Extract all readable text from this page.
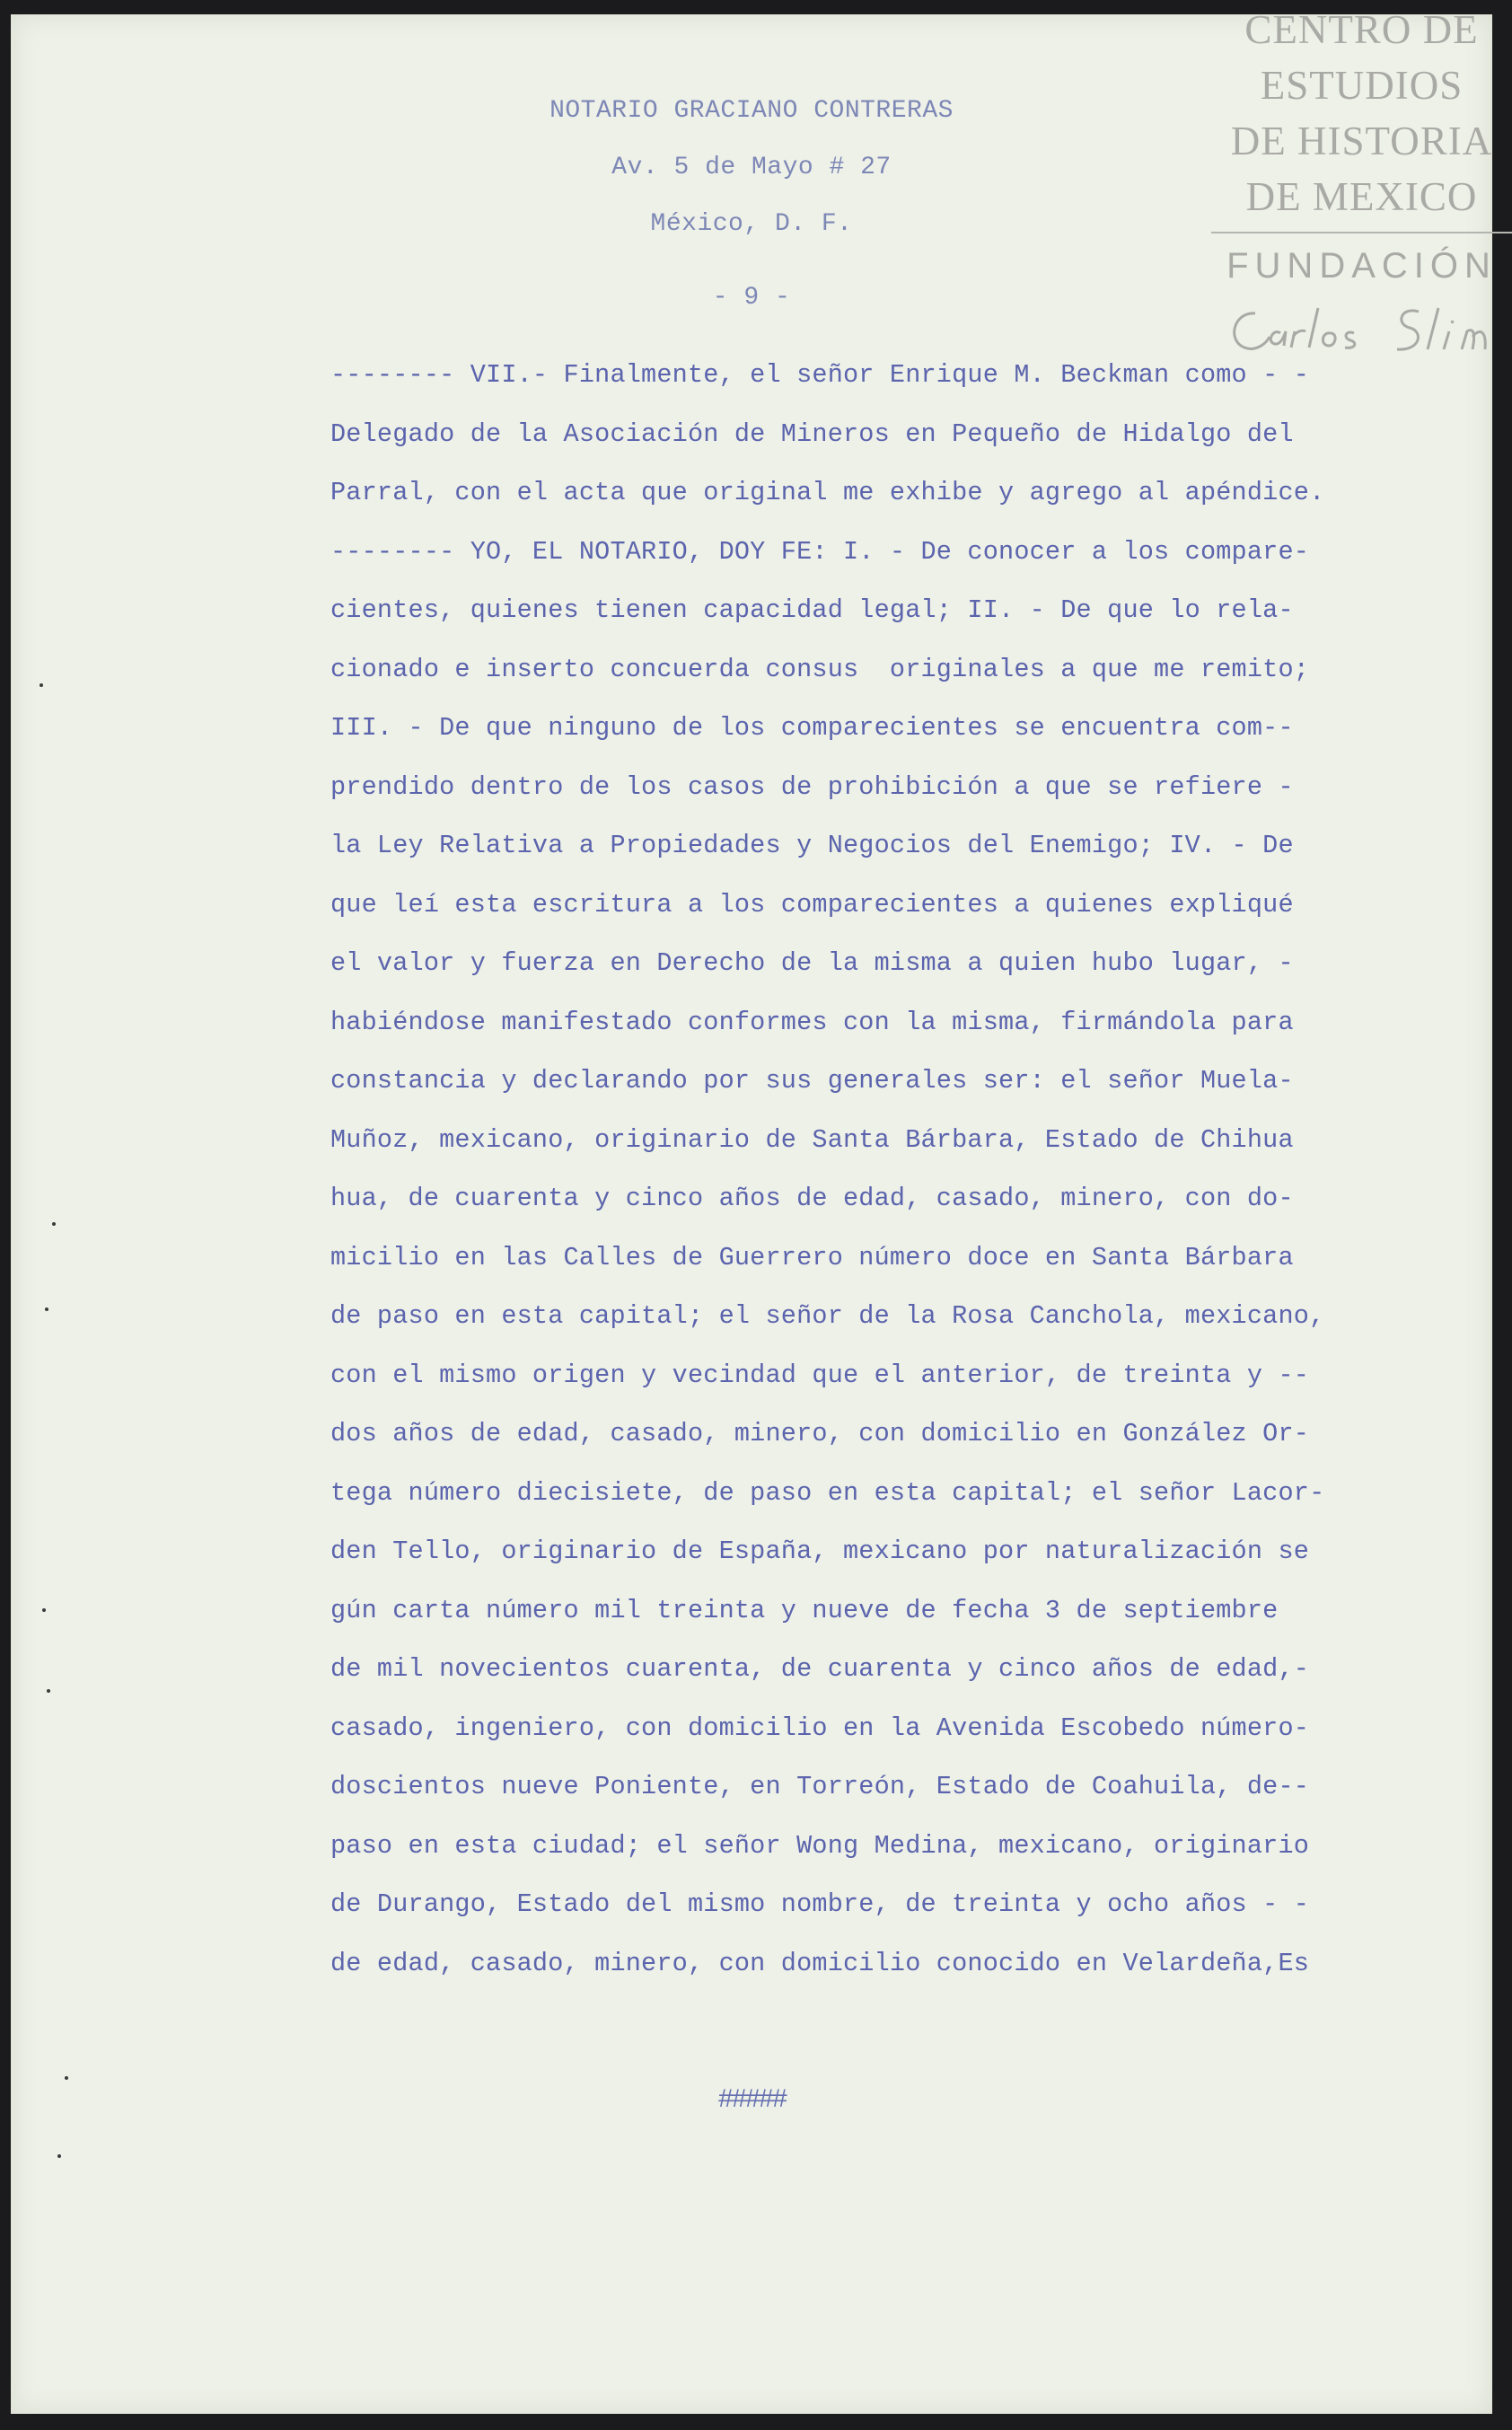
NOTARIO GRACIANO CONTRERAS
Av. 5 de Mayo # 27
México, D. F.
- 9 -
-------- VII.- Finalmente, el señor Enrique M. Beckman como - -
Delegado de la Asociación de Mineros en Pequeño de Hidalgo del
Parral, con el acta que original me exhibe y agrego al apéndice.
-------- YO, EL NOTARIO, DOY FE: I. - De conocer a los compare-
cientes, quienes tienen capacidad legal; II. - De que lo rela-
cionado e inserto concuerda consus  originales a que me remito;
III. - De que ninguno de los comparecientes se encuentra com--
prendido dentro de los casos de prohibición a que se refiere -
la Ley Relativa a Propiedades y Negocios del Enemigo; IV. - De
que leí esta escritura a los comparecientes a quienes expliqué
el valor y fuerza en Derecho de la misma a quien hubo lugar, -
habiéndose manifestado conformes con la misma, firmándola para
constancia y declarando por sus generales ser: el señor Muela-
Muñoz, mexicano, originario de Santa Bárbara, Estado de Chihua
hua, de cuarenta y cinco años de edad, casado, minero, con do-
micilio en las Calles de Guerrero número doce en Santa Bárbara
de paso en esta capital; el señor de la Rosa Canchola, mexicano,
con el mismo origen y vecindad que el anterior, de treinta y --
dos años de edad, casado, minero, con domicilio en González Or-
tega número diecisiete, de paso en esta capital; el señor Lacor-
den Tello, originario de España, mexicano por naturalización se
gún carta número mil treinta y nueve de fecha 3 de septiembre
de mil novecientos cuarenta, de cuarenta y cinco años de edad,-
casado, ingeniero, con domicilio en la Avenida Escobedo número-
doscientos nueve Poniente, en Torreón, Estado de Coahuila, de--
paso en esta ciudad; el señor Wong Medina, mexicano, originario
de Durango, Estado del mismo nombre, de treinta y ocho años - -
de edad, casado, minero, con domicilio conocido en Velardeña,Es
#####
CENTRO DE
ESTUDIOS
DE HISTORIA
DE MEXICO
FUNDACIÓN
